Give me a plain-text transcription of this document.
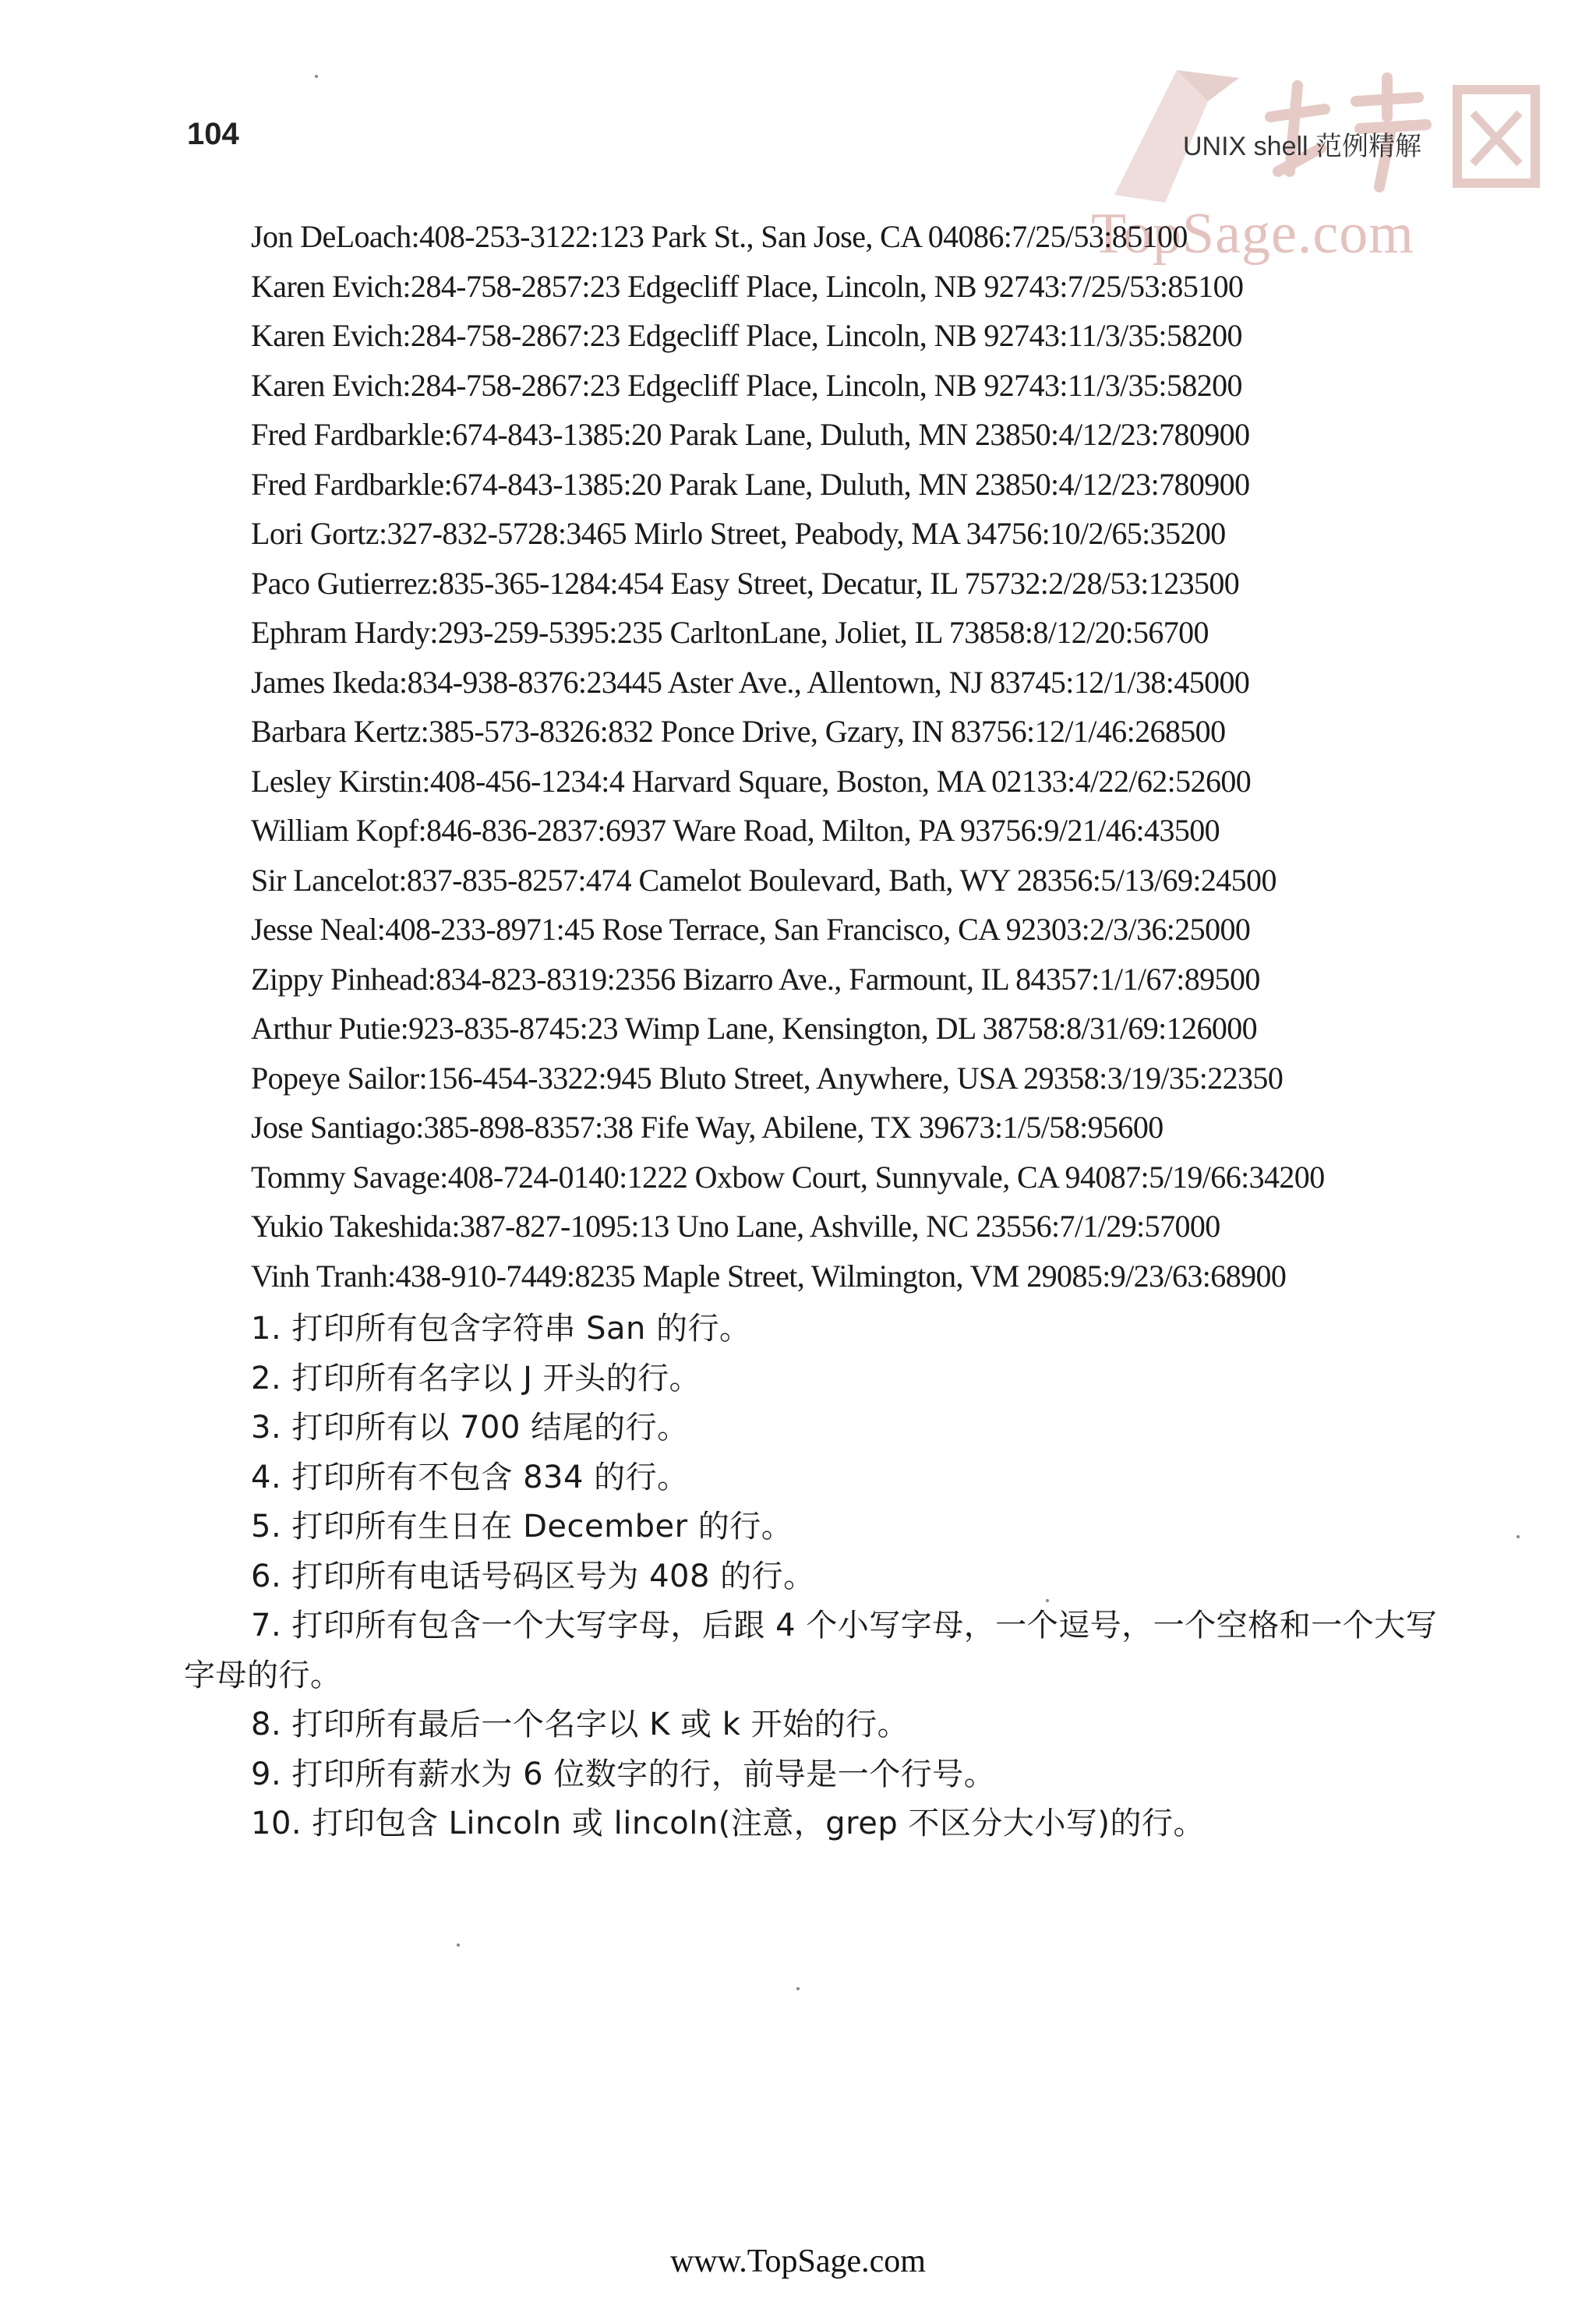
104
TopSage.com
UNIX shell 范例精解
Jon DeLoach:408-253-3122:123 Park St., San Jose, CA 04086:7/25/53:85100
Karen Evich:284-758-2857:23 Edgecliff Place, Lincoln, NB 92743:7/25/53:85100
Karen Evich:284-758-2867:23 Edgecliff Place, Lincoln, NB 92743:11/3/35:58200
Karen Evich:284-758-2867:23 Edgecliff Place, Lincoln, NB 92743:11/3/35:58200
Fred Fardbarkle:674-843-1385:20 Parak Lane, Duluth, MN 23850:4/12/23:780900
Fred Fardbarkle:674-843-1385:20 Parak Lane, Duluth, MN 23850:4/12/23:780900
Lori Gortz:327-832-5728:3465 Mirlo Street, Peabody, MA 34756:10/2/65:35200
Paco Gutierrez:835-365-1284:454 Easy Street, Decatur, IL 75732:2/28/53:123500
Ephram Hardy:293-259-5395:235 CarltonLane, Joliet, IL 73858:8/12/20:56700
James Ikeda:834-938-8376:23445 Aster Ave., Allentown, NJ 83745:12/1/38:45000
Barbara Kertz:385-573-8326:832 Ponce Drive, Gzary, IN 83756:12/1/46:268500
Lesley Kirstin:408-456-1234:4 Harvard Square, Boston, MA 02133:4/22/62:52600
William Kopf:846-836-2837:6937 Ware Road, Milton, PA 93756:9/21/46:43500
Sir Lancelot:837-835-8257:474 Camelot Boulevard, Bath, WY 28356:5/13/69:24500
Jesse Neal:408-233-8971:45 Rose Terrace, San Francisco, CA 92303:2/3/36:25000
Zippy Pinhead:834-823-8319:2356 Bizarro Ave., Farmount, IL 84357:1/1/67:89500
Arthur Putie:923-835-8745:23 Wimp Lane, Kensington, DL 38758:8/31/69:126000
Popeye Sailor:156-454-3322:945 Bluto Street, Anywhere, USA 29358:3/19/35:22350
Jose Santiago:385-898-8357:38 Fife Way, Abilene, TX 39673:1/5/58:95600
Tommy Savage:408-724-0140:1222 Oxbow Court, Sunnyvale, CA 94087:5/19/66:34200
Yukio Takeshida:387-827-1095:13 Uno Lane, Ashville, NC 23556:7/1/29:57000
Vinh Tranh:438-910-7449:8235 Maple Street, Wilmington, VM 29085:9/23/63:68900
1. 打印所有包含字符串 San 的行。
2. 打印所有名字以 J 开头的行。
3. 打印所有以 700 结尾的行。
4. 打印所有不包含 834 的行。
5. 打印所有生日在 December 的行。
6. 打印所有电话号码区号为 408 的行。
7. 打印所有包含一个大写字母，后跟 4 个小写字母，一个逗号，一个空格和一个大写字母的行。
8. 打印所有最后一个名字以 K 或 k 开始的行。
9. 打印所有薪水为 6 位数字的行，前导是一个行号。
10. 打印包含 Lincoln 或 lincoln(注意，grep 不区分大小写)的行。
www.TopSage.com
